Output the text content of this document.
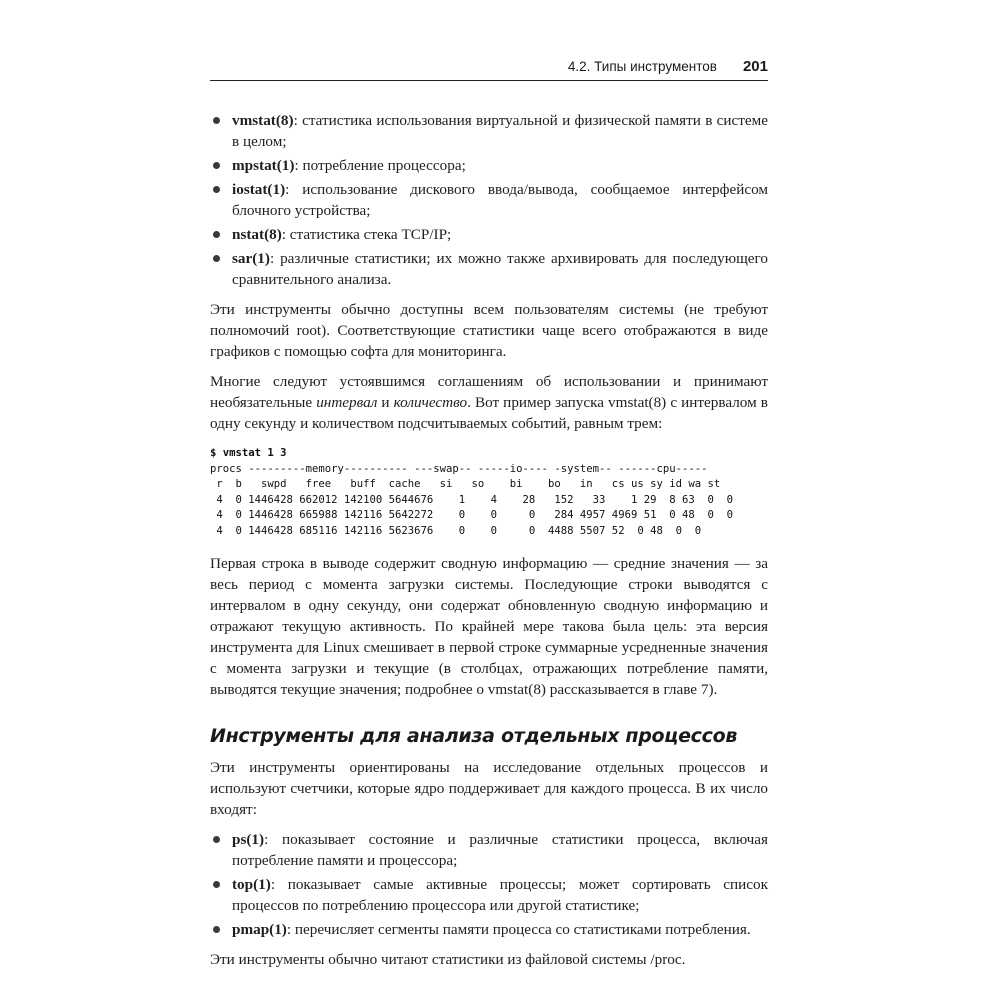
4.2. Типы инструментов 201
vmstat(8): статистика использования виртуальной и физической памяти в системе в целом;
mpstat(1): потребление процессора;
iostat(1): использование дискового ввода/вывода, сообщаемое интерфейсом блочного устройства;
nstat(8): статистика стека TCP/IP;
sar(1): различные статистики; их можно также архивировать для последующего сравнительного анализа.

Эти инструменты обычно доступны всем пользователям системы (не требуют полномочий root). Соответствующие статистики чаще всего отображаются в виде графиков с помощью софта для мониторинга.

Многие следуют устоявшимся соглашениям об использовании и принимают необязательные интервал и количество. Вот пример запуска vmstat(8) с интервалом в одну секунду и количеством подсчитываемых событий, равным трем:

$ vmstat 1 3
procs ---------memory---------- ---swap-- -----io---- -system-- ------cpu-----
r  b   swpd   free   buff  cache   si   so    bi    bo   in   cs us sy id wa st
4  0 1446428 662012 142100 5644676    1    4    28   152   33    1 29  8 63  0  0
4  0 1446428 665988 142116 5642272    0    0     0   284 4957 4969 51  0 48  0  0
4  0 1446428 685116 142116 5623676    0    0     0  4488 5507 52  0 48  0  0

Первая строка в выводе содержит сводную информацию — средние значения — за весь период с момента загрузки системы. Последующие строки выводятся с интервалом в одну секунду, они содержат обновленную сводную информацию и отражают текущую активность. По крайней мере такова была цель: эта версия инструмента для Linux смешивает в первой строке суммарные усредненные значения с момента загрузки и текущие (в столбцах, отражающих потребление памяти, выводятся текущие значения; подробнее о vmstat(8) рассказывается в главе 7).

Инструменты для анализа отдельных процессов

Эти инструменты ориентированы на исследование отдельных процессов и используют счетчики, которые ядро поддерживает для каждого процесса. В их число входят:

ps(1): показывает состояние и различные статистики процесса, включая потребление памяти и процессора;
top(1): показывает самые активные процессы; может сортировать список процессов по потреблению процессора или другой статистике;
pmap(1): перечисляет сегменты памяти процесса со статистиками потребления.

Эти инструменты обычно читают статистики из файловой системы /proc.
